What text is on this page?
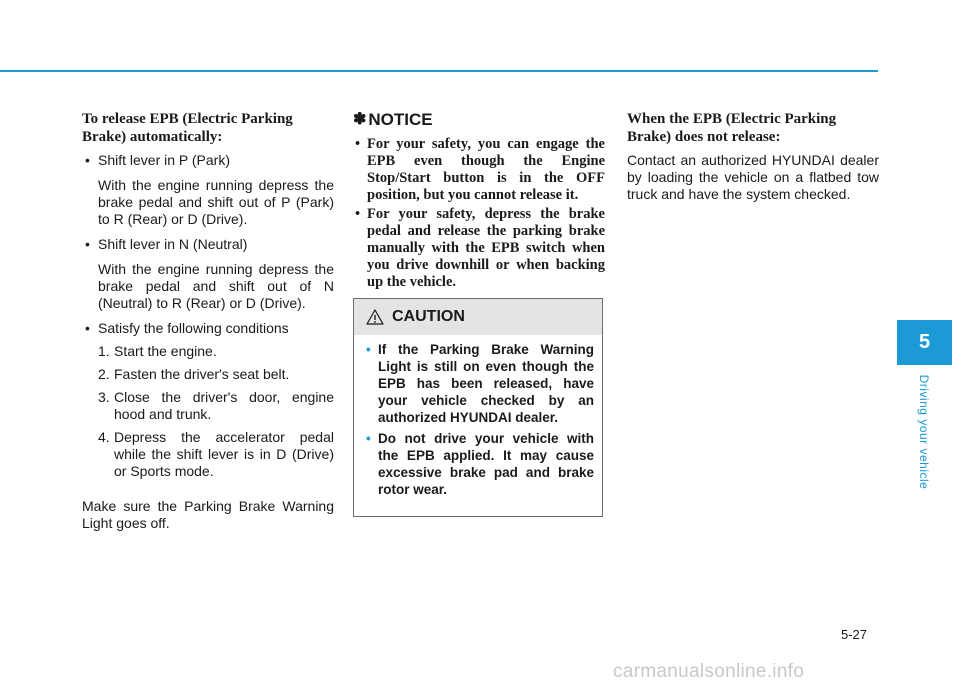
To release EPB (Electric Parking Brake) automatically:

• Shift lever in P (Park)

With the engine running depress the brake pedal and shift out of P (Park) to R (Rear) or D (Drive).

• Shift lever in N (Neutral)

With the engine running depress the brake pedal and shift out of N (Neutral) to R (Rear) or D (Drive).

• Satisfy the following conditions
1. Start the engine.
2. Fasten the driver's seat belt.
3. Close the driver's door, engine hood and trunk.
4. Depress the accelerator pedal while the shift lever is in D (Drive) or Sports mode.

Make sure the Parking Brake Warning Light goes off.

✽ NOTICE
• For your safety, you can engage the EPB even though the Engine Stop/Start button is in the OFF position, but you cannot release it.
• For your safety, depress the brake pedal and release the parking brake manually with the EPB switch when you drive downhill or when backing up the vehicle.
CAUTION
• If the Parking Brake Warning Light is still on even though the EPB has been released, have your vehicle checked by an authorized HYUNDAI dealer.
• Do not drive your vehicle with the EPB applied. It may cause excessive brake pad and brake rotor wear.

When the EPB (Electric Parking Brake) does not release:

Contact an authorized HYUNDAI dealer by loading the vehicle on a flatbed tow truck and have the system checked.

5
Driving your vehicle
5-27
carmanualsonline.info
